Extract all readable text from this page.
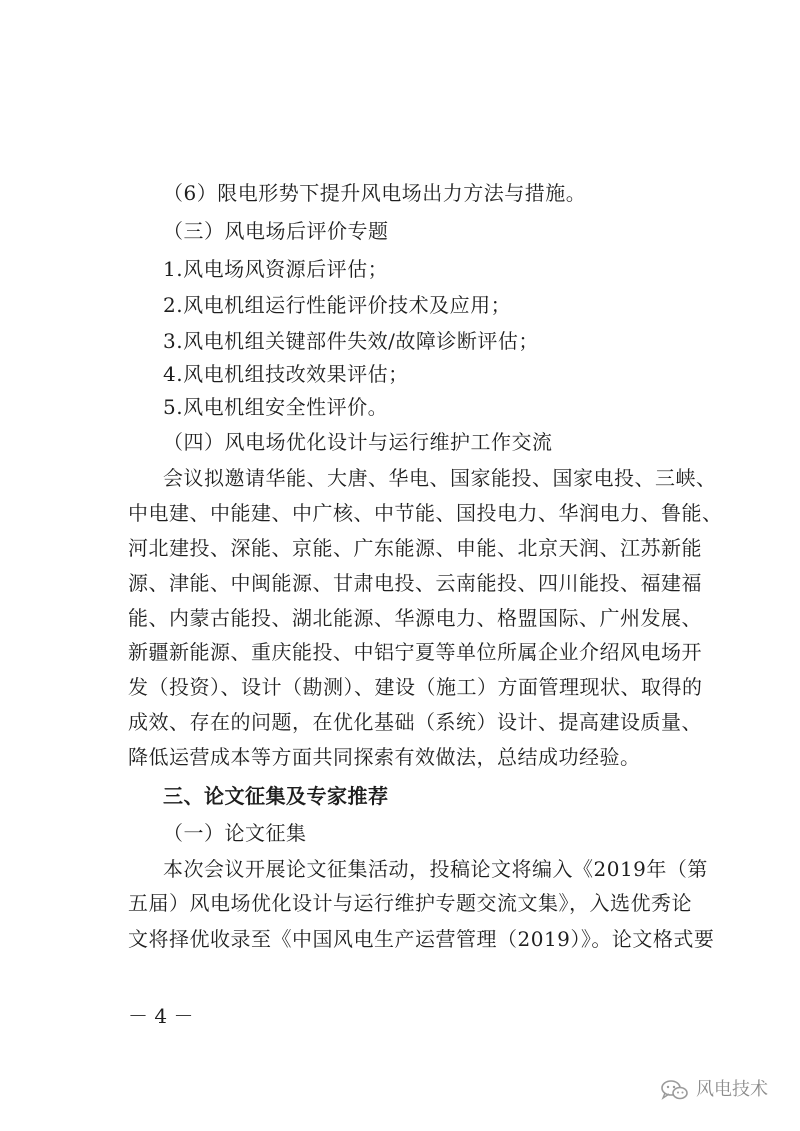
（6）限电形势下提升风电场出力方法与措施。
（三）风电场后评价专题
1.风电场风资源后评估；
2.风电机组运行性能评价技术及应用；
3.风电机组关键部件失效/故障诊断评估；
4.风电机组技改效果评估；
5.风电机组安全性评价。
（四）风电场优化设计与运行维护工作交流
会议拟邀请华能、大唐、华电、国家能投、国家电投、三峡、
中电建、中能建、中广核、中节能、国投电力、华润电力、鲁能、
河北建投、深能、京能、广东能源、申能、北京天润、江苏新能
源、津能、中闽能源、甘肃电投、云南能投、四川能投、福建福
能、内蒙古能投、湖北能源、华源电力、格盟国际、广州发展、
新疆新能源、重庆能投、中铝宁夏等单位所属企业介绍风电场开
发（投资）、设计（勘测）、建设（施工）方面管理现状、取得的
成效、存在的问题，在优化基础（系统）设计、提高建设质量、
降低运营成本等方面共同探索有效做法，总结成功经验。
三、论文征集及专家推荐
（一）论文征集
本次会议开展论文征集活动，投稿论文将编入《2019年（第
五届）风电场优化设计与运行维护专题交流文集》，入选优秀论
文将择优收录至《中国风电生产运营管理（2019）》。论文格式要
－ 4 －
风电技术
